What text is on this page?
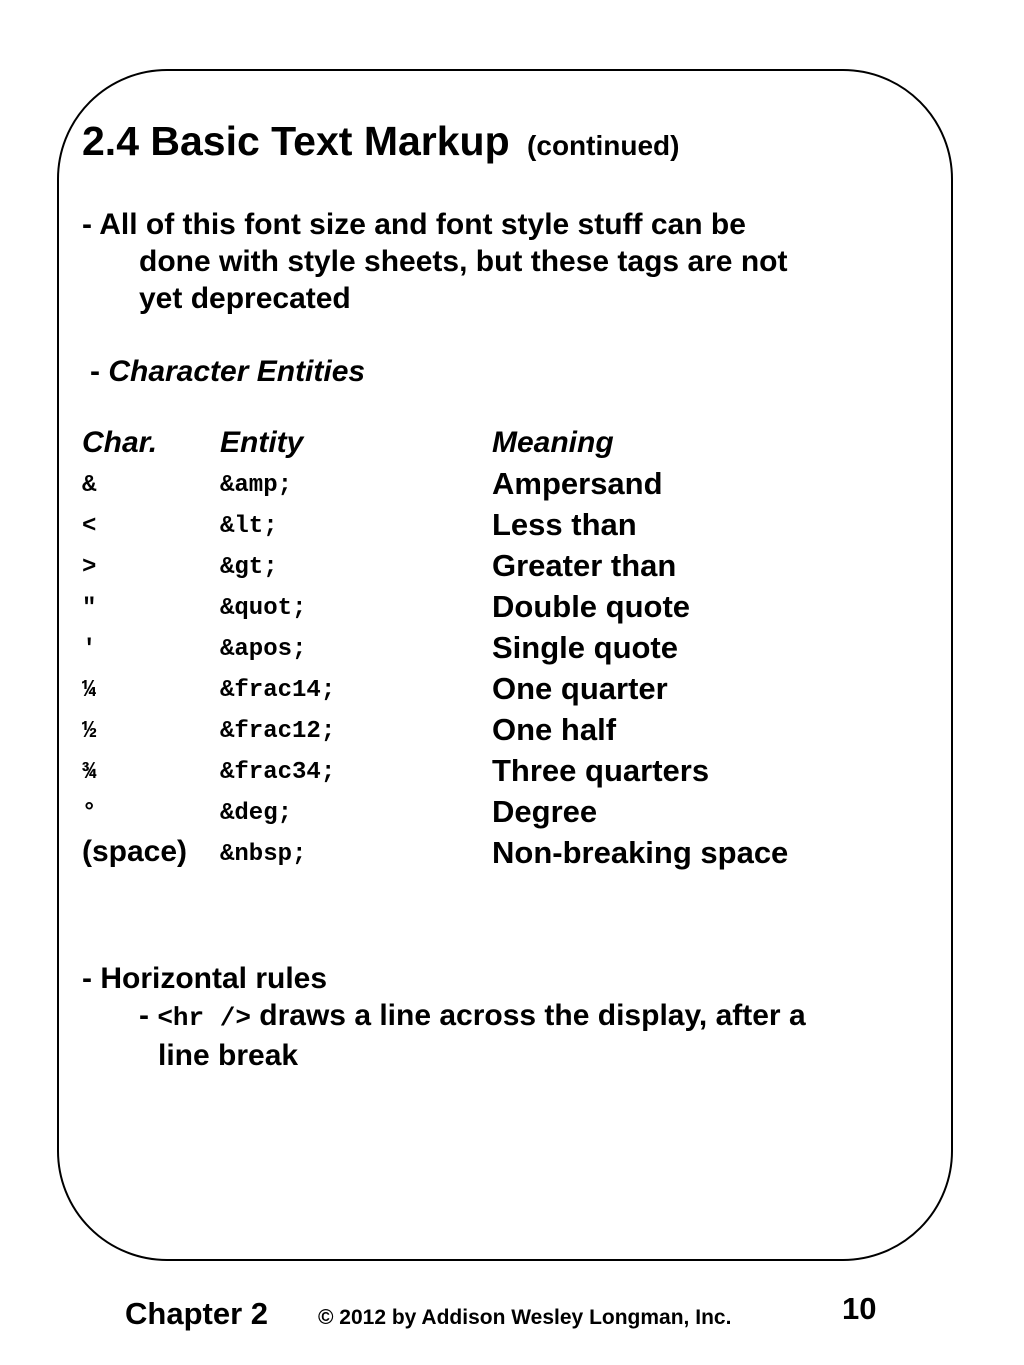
2.4 Basic Text Markup (continued)
- All of this font size and font style stuff can be
done with style sheets, but these tags are not
yet deprecated
- Character Entities
Char. Entity	Meaning
&	&amp;	Ampersand
<	&lt;	Less than
>	&gt;	Greater than
"	&quot;	Double quote
'	&apos;	Single quote
¼	&frac14;	One quarter
½	&frac12;	One half
¾	&frac34;	Three quarters
°	&deg;	Degree
(space) &nbsp;	Non-breaking space
- Horizontal rules
- <hr /> draws a line across the display, after a
line break
Chapter 2 © 2012 by Addison Wesley Longman, Inc.	10
